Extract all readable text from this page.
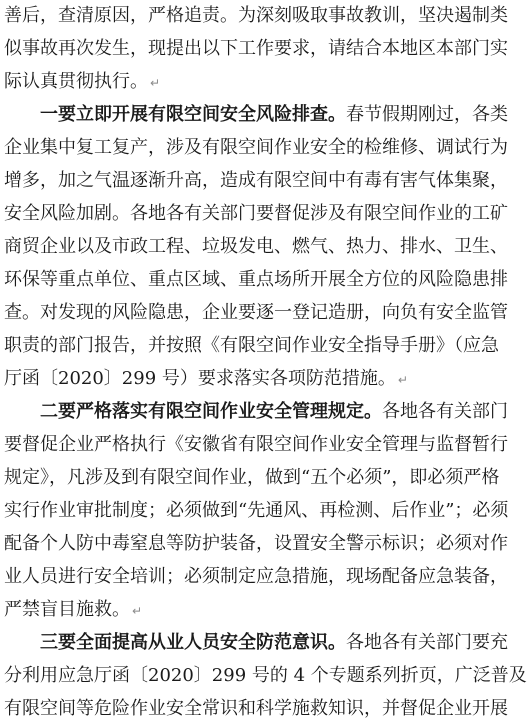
善后，查清原因，严格追责。为深刻吸取事故教训，坚决遏制类
似事故再次发生，现提出以下工作要求，请结合本地区本部门实
际认真贯彻执行。 ↵
一要立即开展有限空间安全风险排查。春节假期刚过，各类
企业集中复工复产，涉及有限空间作业安全的检维修、调试行为
增多，加之气温逐渐升高，造成有限空间中有毒有害气体集聚，
安全风险加剧。各地各有关部门要督促涉及有限空间作业的工矿
商贸企业以及市政工程、垃圾发电、燃气、热力、排水、卫生、
环保等重点单位、重点区域、重点场所开展全方位的风险隐患排
查。对发现的风险隐患，企业要逐一登记造册，向负有安全监管
职责的部门报告，并按照《有限空间作业安全指导手册》（应急
厅函〔2020〕299 号）要求落实各项防范措施。 ↵
二要严格落实有限空间作业安全管理规定。各地各有关部门
要督促企业严格执行《安徽省有限空间作业安全管理与监督暂行
规定》，凡涉及到有限空间作业，做到“五个必须”，即必须严格
实行作业审批制度；必须做到“先通风、再检测、后作业”；必须
配备个人防中毒窒息等防护装备，设置安全警示标识；必须对作
业人员进行安全培训；必须制定应急措施，现场配备应急装备，
严禁盲目施救。 ↵
三要全面提高从业人员安全防范意识。各地各有关部门要充
分利用应急厅函〔2020〕299 号的 4 个专题系列折页，广泛普及
有限空间等危险作业安全常识和科学施救知识，并督促企业开展
